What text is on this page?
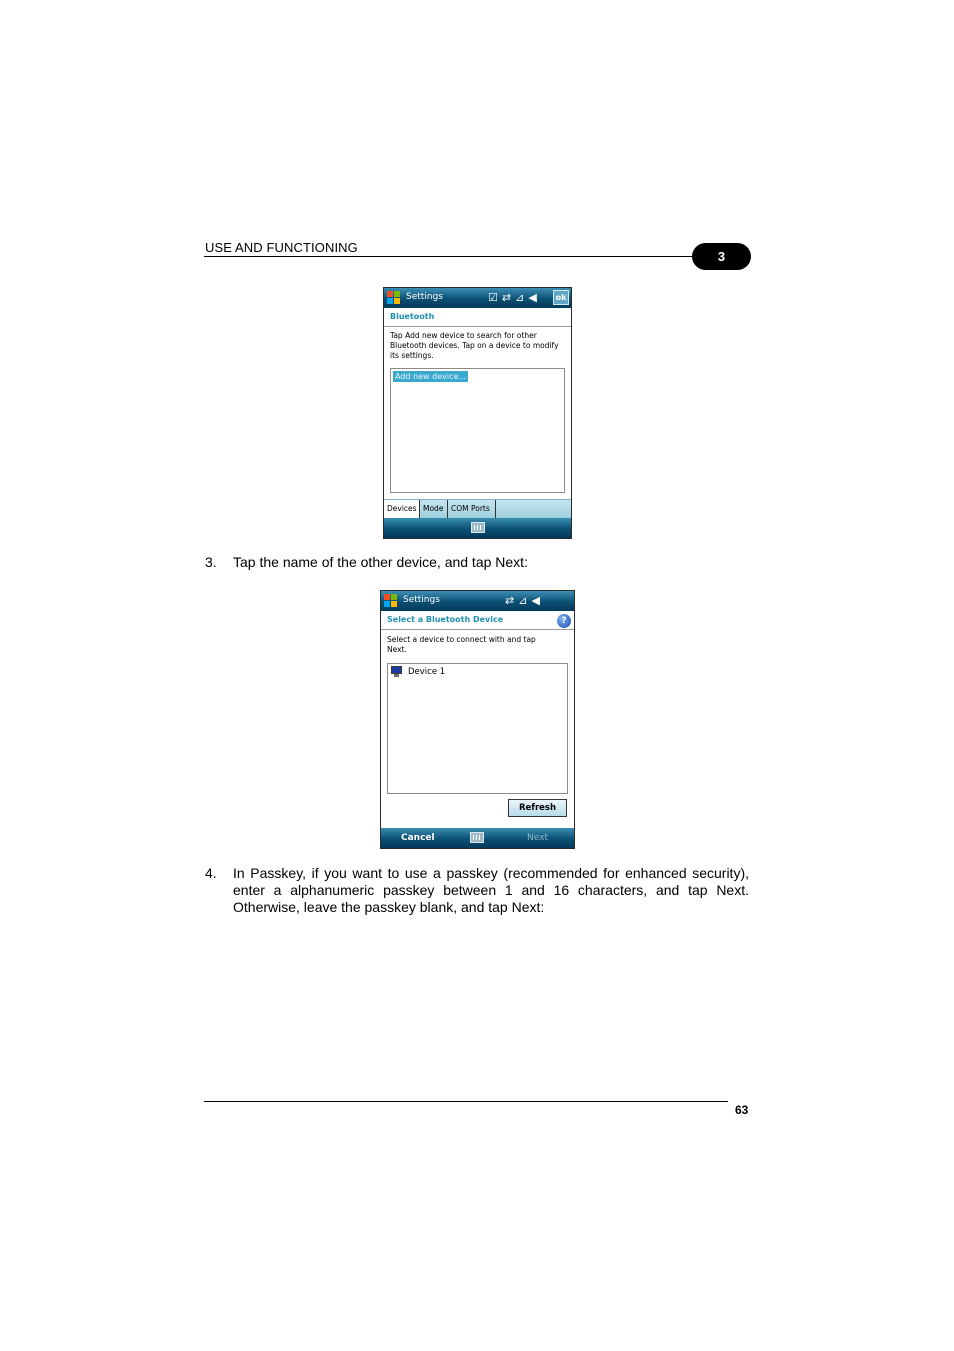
USE AND FUNCTIONING
3
Settings	☑ ⇄ ⊿ ◀	ok
Bluetooth
Tap Add new device to search for other Bluetooth devices. Tap on a device to modify its settings.
Add new device...
Devices Mode	COM Ports
3. Tap the name of the other device, and tap Next:
Settings	⇄ ⊿ ◀
Select a Bluetooth Device	?
Select a device to connect with and tap Next.
Device 1
Refresh
Cancel	Next
4. In Passkey, if you want to use a passkey (recommended for enhanced security), enter a alphanumeric passkey between 1 and 16 characters, and tap Next. Otherwise, leave the passkey blank, and tap Next:
63
